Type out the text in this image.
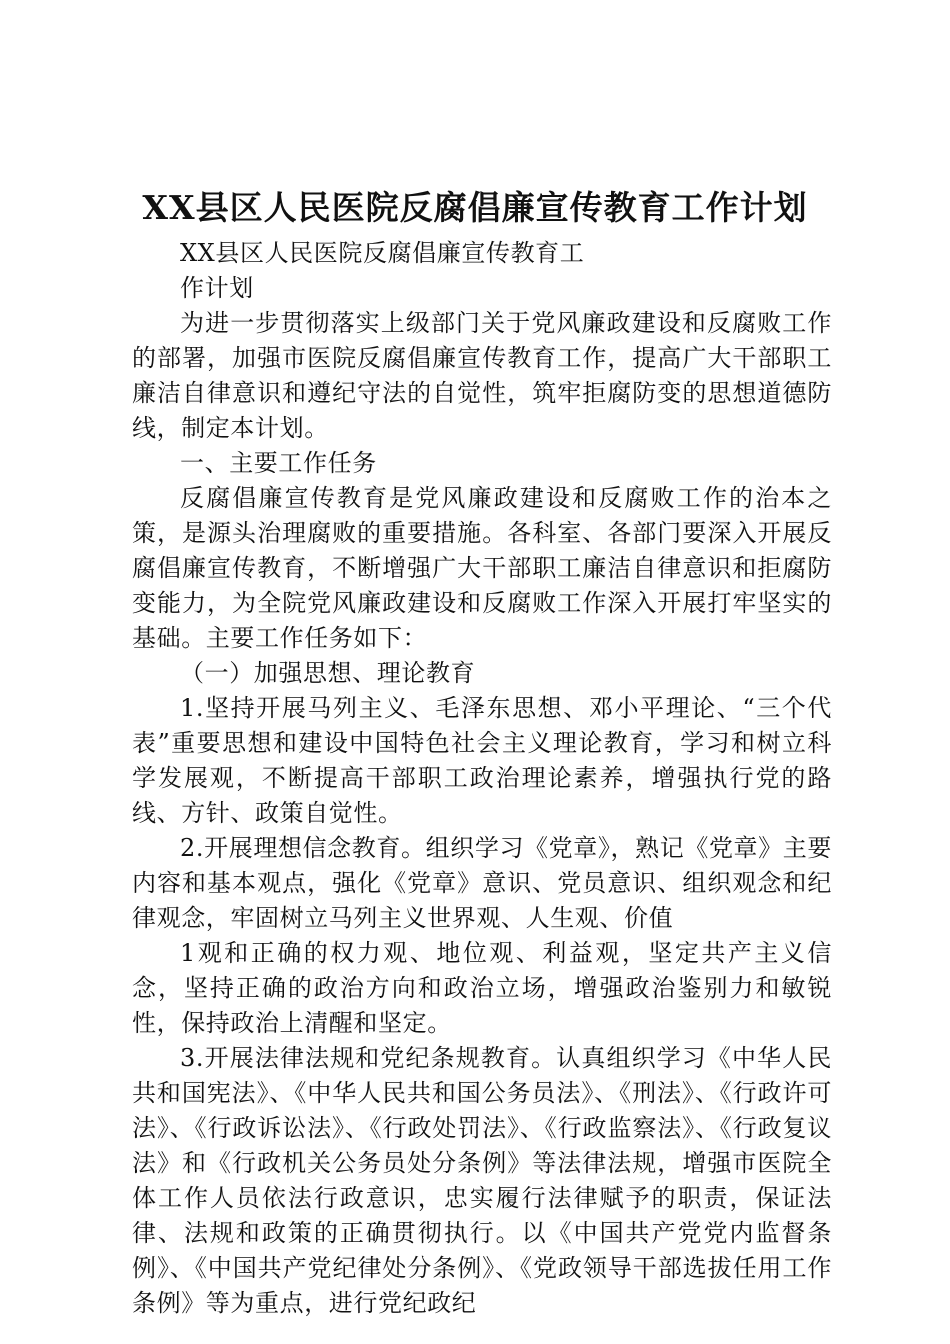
XX县区人民医院反腐倡廉宣传教育工作计划

XX县区人民医院反腐倡廉宣传教育工

作计划

为进一步贯彻落实上级部门关于党风廉政建设和反腐败工作的部署，加强市医院反腐倡廉宣传教育工作，提高广大干部职工廉洁自律意识和遵纪守法的自觉性，筑牢拒腐防变的思想道德防线，制定本计划。

一、主要工作任务

反腐倡廉宣传教育是党风廉政建设和反腐败工作的治本之策，是源头治理腐败的重要措施。各科室、各部门要深入开展反腐倡廉宣传教育，不断增强广大干部职工廉洁自律意识和拒腐防变能力，为全院党风廉政建设和反腐败工作深入开展打牢坚实的基础。主要工作任务如下：

（一）加强思想、理论教育

1.坚持开展马列主义、毛泽东思想、邓小平理论、“三个代表”重要思想和建设中国特色社会主义理论教育，学习和树立科学发展观，不断提高干部职工政治理论素养，增强执行党的路线、方针、政策自觉性。

2.开展理想信念教育。组织学习《党章》，熟记《党章》主要内容和基本观点，强化《党章》意识、党员意识、组织观念和纪律观念，牢固树立马列主义世界观、人生观、价值

1观和正确的权力观、地位观、利益观，坚定共产主义信念，坚持正确的政治方向和政治立场，增强政治鉴别力和敏锐性，保持政治上清醒和坚定。

3.开展法律法规和党纪条规教育。认真组织学习《中华人民共和国宪法》、《中华人民共和国公务员法》、《刑法》、《行政许可法》、《行政诉讼法》、《行政处罚法》、《行政监察法》、《行政复议法》和《行政机关公务员处分条例》等法律法规，增强市医院全体工作人员依法行政意识，忠实履行法律赋予的职责，保证法律、法规和政策的正确贯彻执行。以《中国共产党党内监督条例》、《中国共产党纪律处分条例》、《党政领导干部选拔任用工作条例》等为重点，进行党纪政纪
